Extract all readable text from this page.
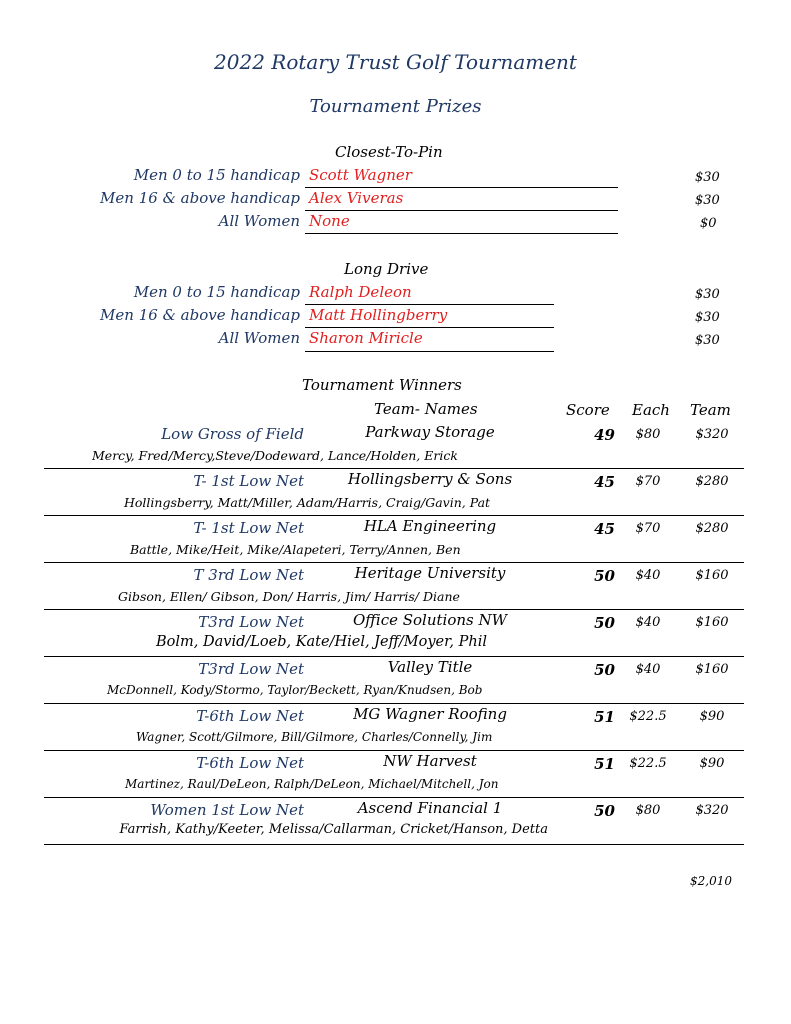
2022 Rotary Trust Golf Tournament
Tournament Prizes
Closest-To-Pin
Men 0 to 15 handicap Scott Wagner	$30
Men 16 & above handicap Alex Viveras	$30
All Women None	$0
Long Drive
Men 0 to 15 handicap Ralph Deleon	$30
Men 16 & above handicap Matt Hollingberry	$30
All Women Sharon Miricle	$30
Tournament Winners
Team- Names	Score Each Team
Low Gross of Field	Parkway Storage	49	$80	$320
Mercy, Fred/Mercy,Steve/Dodeward, Lance/Holden, Erick
T- 1st Low Net	Hollingsberry & Sons	45	$70	$280
Hollingsberry, Matt/Miller, Adam/Harris, Craig/Gavin, Pat
T- 1st Low Net	HLA Engineering	45	$70	$280
Battle, Mike/Heit, Mike/Alapeteri, Terry/Annen, Ben
T 3rd Low Net	Heritage University	50	$40	$160
Gibson, Ellen/ Gibson, Don/ Harris, Jim/ Harris/ Diane
T3rd Low Net	Office Solutions NW	50	$40	$160
Bolm, David/Loeb, Kate/Hiel, Jeff/Moyer, Phil
T3rd Low Net	Valley Title	50	$40	$160
McDonnell, Kody/Stormo, Taylor/Beckett, Ryan/Knudsen, Bob
T-6th Low Net	MG Wagner Roofing	51	$22.5	$90
Wagner, Scott/Gilmore, Bill/Gilmore, Charles/Connelly, Jim
T-6th Low Net	NW Harvest	51	$22.5	$90
Martinez, Raul/DeLeon, Ralph/DeLeon, Michael/Mitchell, Jon
Women 1st Low Net	Ascend Financial 1	50	$80	$320
Farrish, Kathy/Keeter, Melissa/Callarman, Cricket/Hanson, Detta
$2,010
